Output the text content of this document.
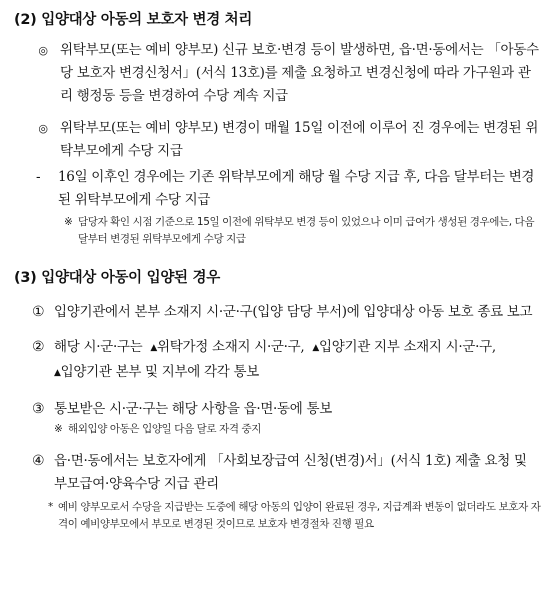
(2) 입양대상 아동의 보호자 변경 처리
◎ 위탁부모(또는 예비 양부모) 신규 보호·변경 등이 발생하면, 읍·면·동에서는 「아동수당 보호자 변경신청서」(서식 13호)를 제출 요청하고 변경신청에 따라 가구원과 관리 행정동 등을 변경하여 수당 계속 지급
◎ 위탁부모(또는 예비 양부모) 변경이 매월 15일 이전에 이루어 진 경우에는 변경된 위탁부모에게 수당 지급
-	16일 이후인 경우에는 기존 위탁부모에게 해당 월 수당 지급 후, 다음 달부터는 변경된 위탁부모에게 수당 지급
※ 담당자 확인 시점 기준으로 15일 이전에 위탁부모 변경 등이 있었으나 이미 급여가 생성된 경우에는, 다음 달부터 변경된 위탁부모에게 수당 지급
(3) 입양대상 아동이 입양된 경우
① 입양기관에서 본부 소재지 시·군·구(입양 담당 부서)에 입양대상 아동 보호 종료 보고
② 해당 시·군·구는 ▲위탁가정 소재지 시·군·구, ▲입양기관 지부 소재지 시·군·구,
▲입양기관 본부 및 지부에 각각 통보
③ 통보받은 시·군·구는 해당 사항을 읍·면·동에 통보
※ 해외입양 아동은 입양일 다음 달로 자격 중지
④ 읍·면·동에서는 보호자에게 「사회보장급여 신청(변경)서」(서식 1호) 제출 요청 및 부모급여·양육수당 지급 관리
* 예비 양부모로서 수당을 지급받는 도중에 해당 아동의 입양이 완료된 경우, 지급계좌 변동이 없더라도 보호자 자격이 예비양부모에서 부모로 변경된 것이므로 보호자 변경절차 진행 필요
